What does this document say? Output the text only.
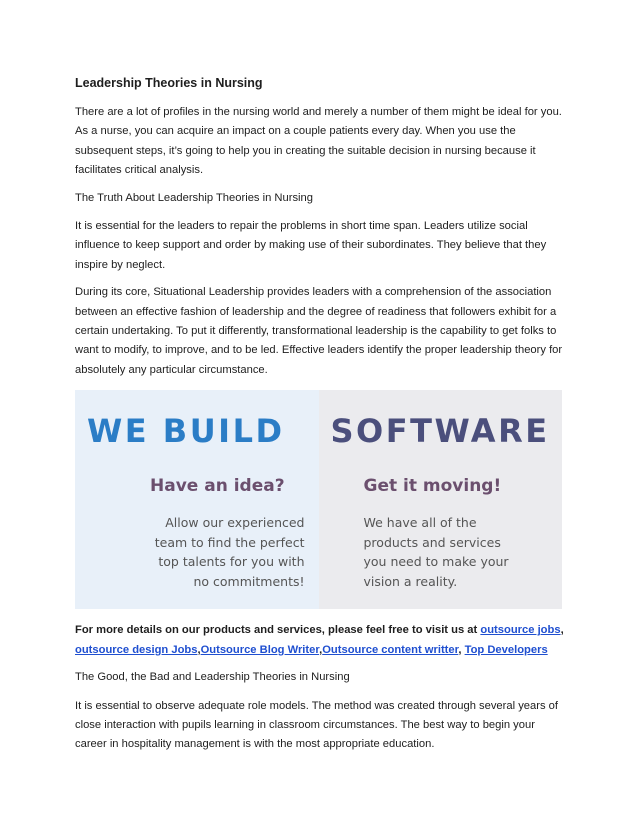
Leadership Theories in Nursing

There are a lot of profiles in the nursing world and merely a number of them might be ideal for you. As a nurse, you can acquire an impact on a couple patients every day. When you use the subsequent steps, it’s going to help you in creating the suitable decision in nursing because it facilitates critical analysis.

The Truth About Leadership Theories in Nursing

It is essential for the leaders to repair the problems in short time span. Leaders utilize social influence to keep support and order by making use of their subordinates. They believe that they inspire by neglect.

During its core, Situational Leadership provides leaders with a comprehension of the association between an effective fashion of leadership and the degree of readiness that followers exhibit for a certain undertaking. To put it differently, transformational leadership is the capability to get folks to want to modify, to improve, and to be led. Effective leaders identify the proper leadership theory for absolutely any particular circumstance.

WE BUILD
Have an idea?
Allow our experienced
team to find the perfect
top talents for you with
no commitments!
SOFTWARE
Get it moving!
We have all of the
products and services
you need to make your
vision a reality.
For more details on our products and services, please feel free to visit us at outsource jobs, outsource design Jobs,Outsource Blog Writer,Outsource content writter, Top Developers

The Good, the Bad and Leadership Theories in Nursing

It is essential to observe adequate role models. The method was created through several years of close interaction with pupils learning in classroom circumstances. The best way to begin your career in hospitality management is with the most appropriate education.
